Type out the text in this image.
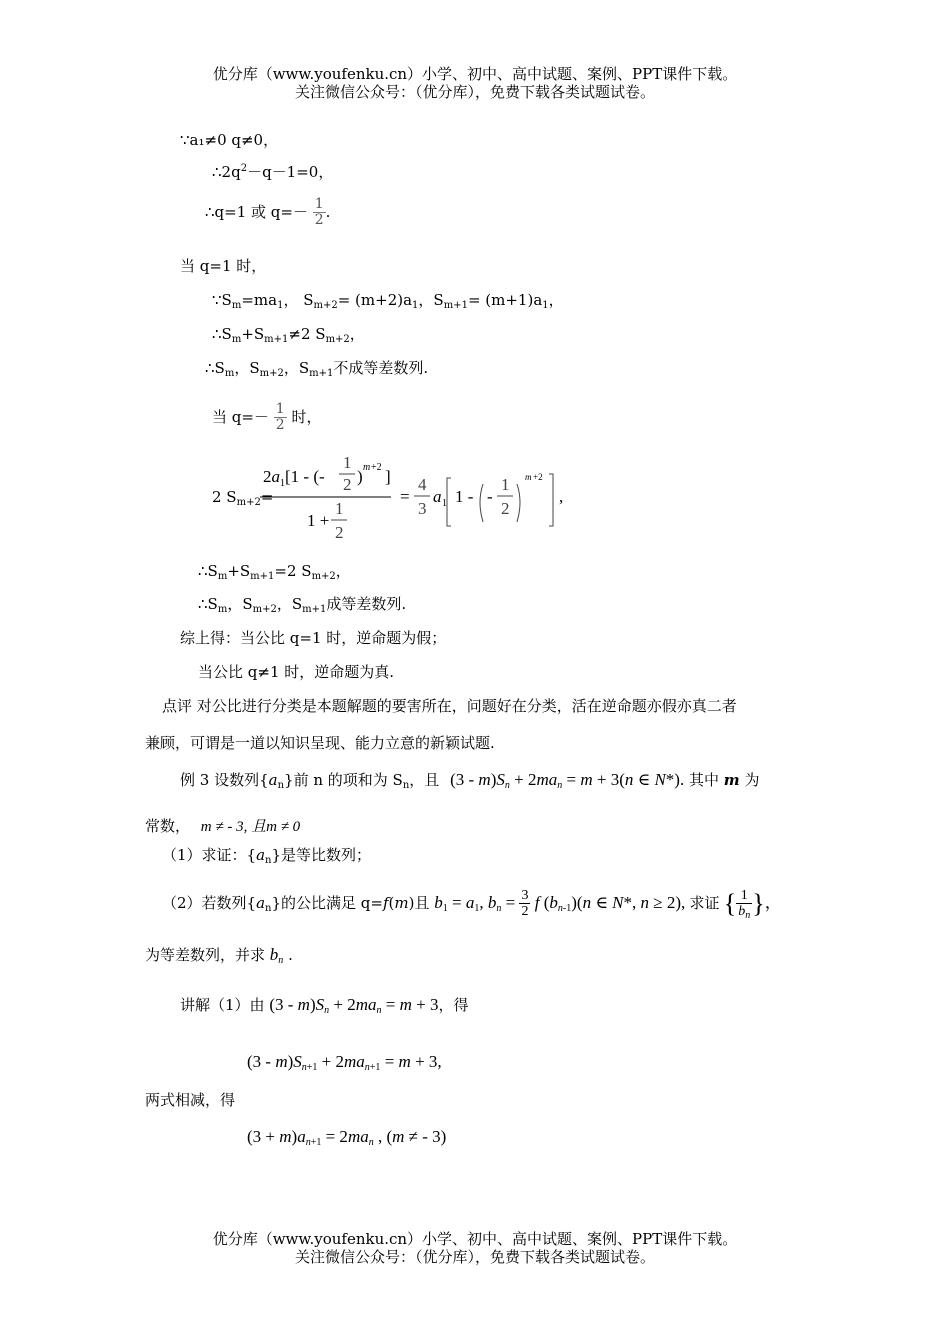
优分库（www.youfenku.cn）小学、初中、高中试题、案例、PPT课件下载。
关注微信公众号：（优分库），免费下载各类试题试卷。
∵a₁≠0 q≠0，
$\therefore 2q^2-q-1=0$，
∴q=1 或 $q=- \frac{1}{2}$ .
当 q=1 时，
$\because S_m=ma_1$， $S_{m+2}= (m+2)a_1$，$S_{m+1}= (m+1)a_1$，
$\therefore S_m+S_{m+1}\ne 2$ $S_{m+2}$，
$\therefore S_m$，$S_{m+2}$，$S_{m+1}$不成等差数列.
当 $q=- \frac{1}{2}$ 时，
2 $S_{m+2}=$
$2a_1[1$ - (-
1
2 ) m +2 ]
1 +
1
2
=
4
3
a 1 1 - -
1
2
m +2
,
$\therefore S_m+S_{m+1}=2$ $S_{m+2}$，
$\therefore S_m$，$S_{m+2}$，$S_{m+1}$成等差数列.
综上得：当公比 q=1 时，逆命题为假；
当公比 q≠1 时，逆命题为真.
点评 对公比进行分类是本题解题的要害所在，问题好在分类，活在逆命题亦假亦真二者
兼顾，可谓是一道以知识呈现、能力立意的新颖试题.
例 3 设数列$\{a_n\}$前 n 的项和为 $S_n$，且 $(3 - m)S_n + 2ma_n = m + 3(n$ ∈ N*). 其中 m 为
常数， m ≠ - 3, 且m ≠ 0
（1）求证：$\{a_n\}$是等比数列；
（2）若数列$\{a_n\}$的公比满足 q=f(m)且 $b_1 = a_1$, $b_n = \frac{3}{2}$ f $(b_{n-1})(n$ ∈ N*, n ≥ 2), 求证 { $\frac{1}{b_n}$ }，
为等差数列，并求 $b_n$ .
讲解（1）由 $(3 - m)S_n + 2ma_n = m + 3$，得
$(3 - m)S_{n+1} + 2ma_{n+1} = m + 3$,
两式相减，得
$(3 + m)a_{n+1} = 2ma_n$ , (m ≠ - 3)
优分库（www.youfenku.cn）小学、初中、高中试题、案例、PPT课件下载。
关注微信公众号：（优分库），免费下载各类试题试卷。
